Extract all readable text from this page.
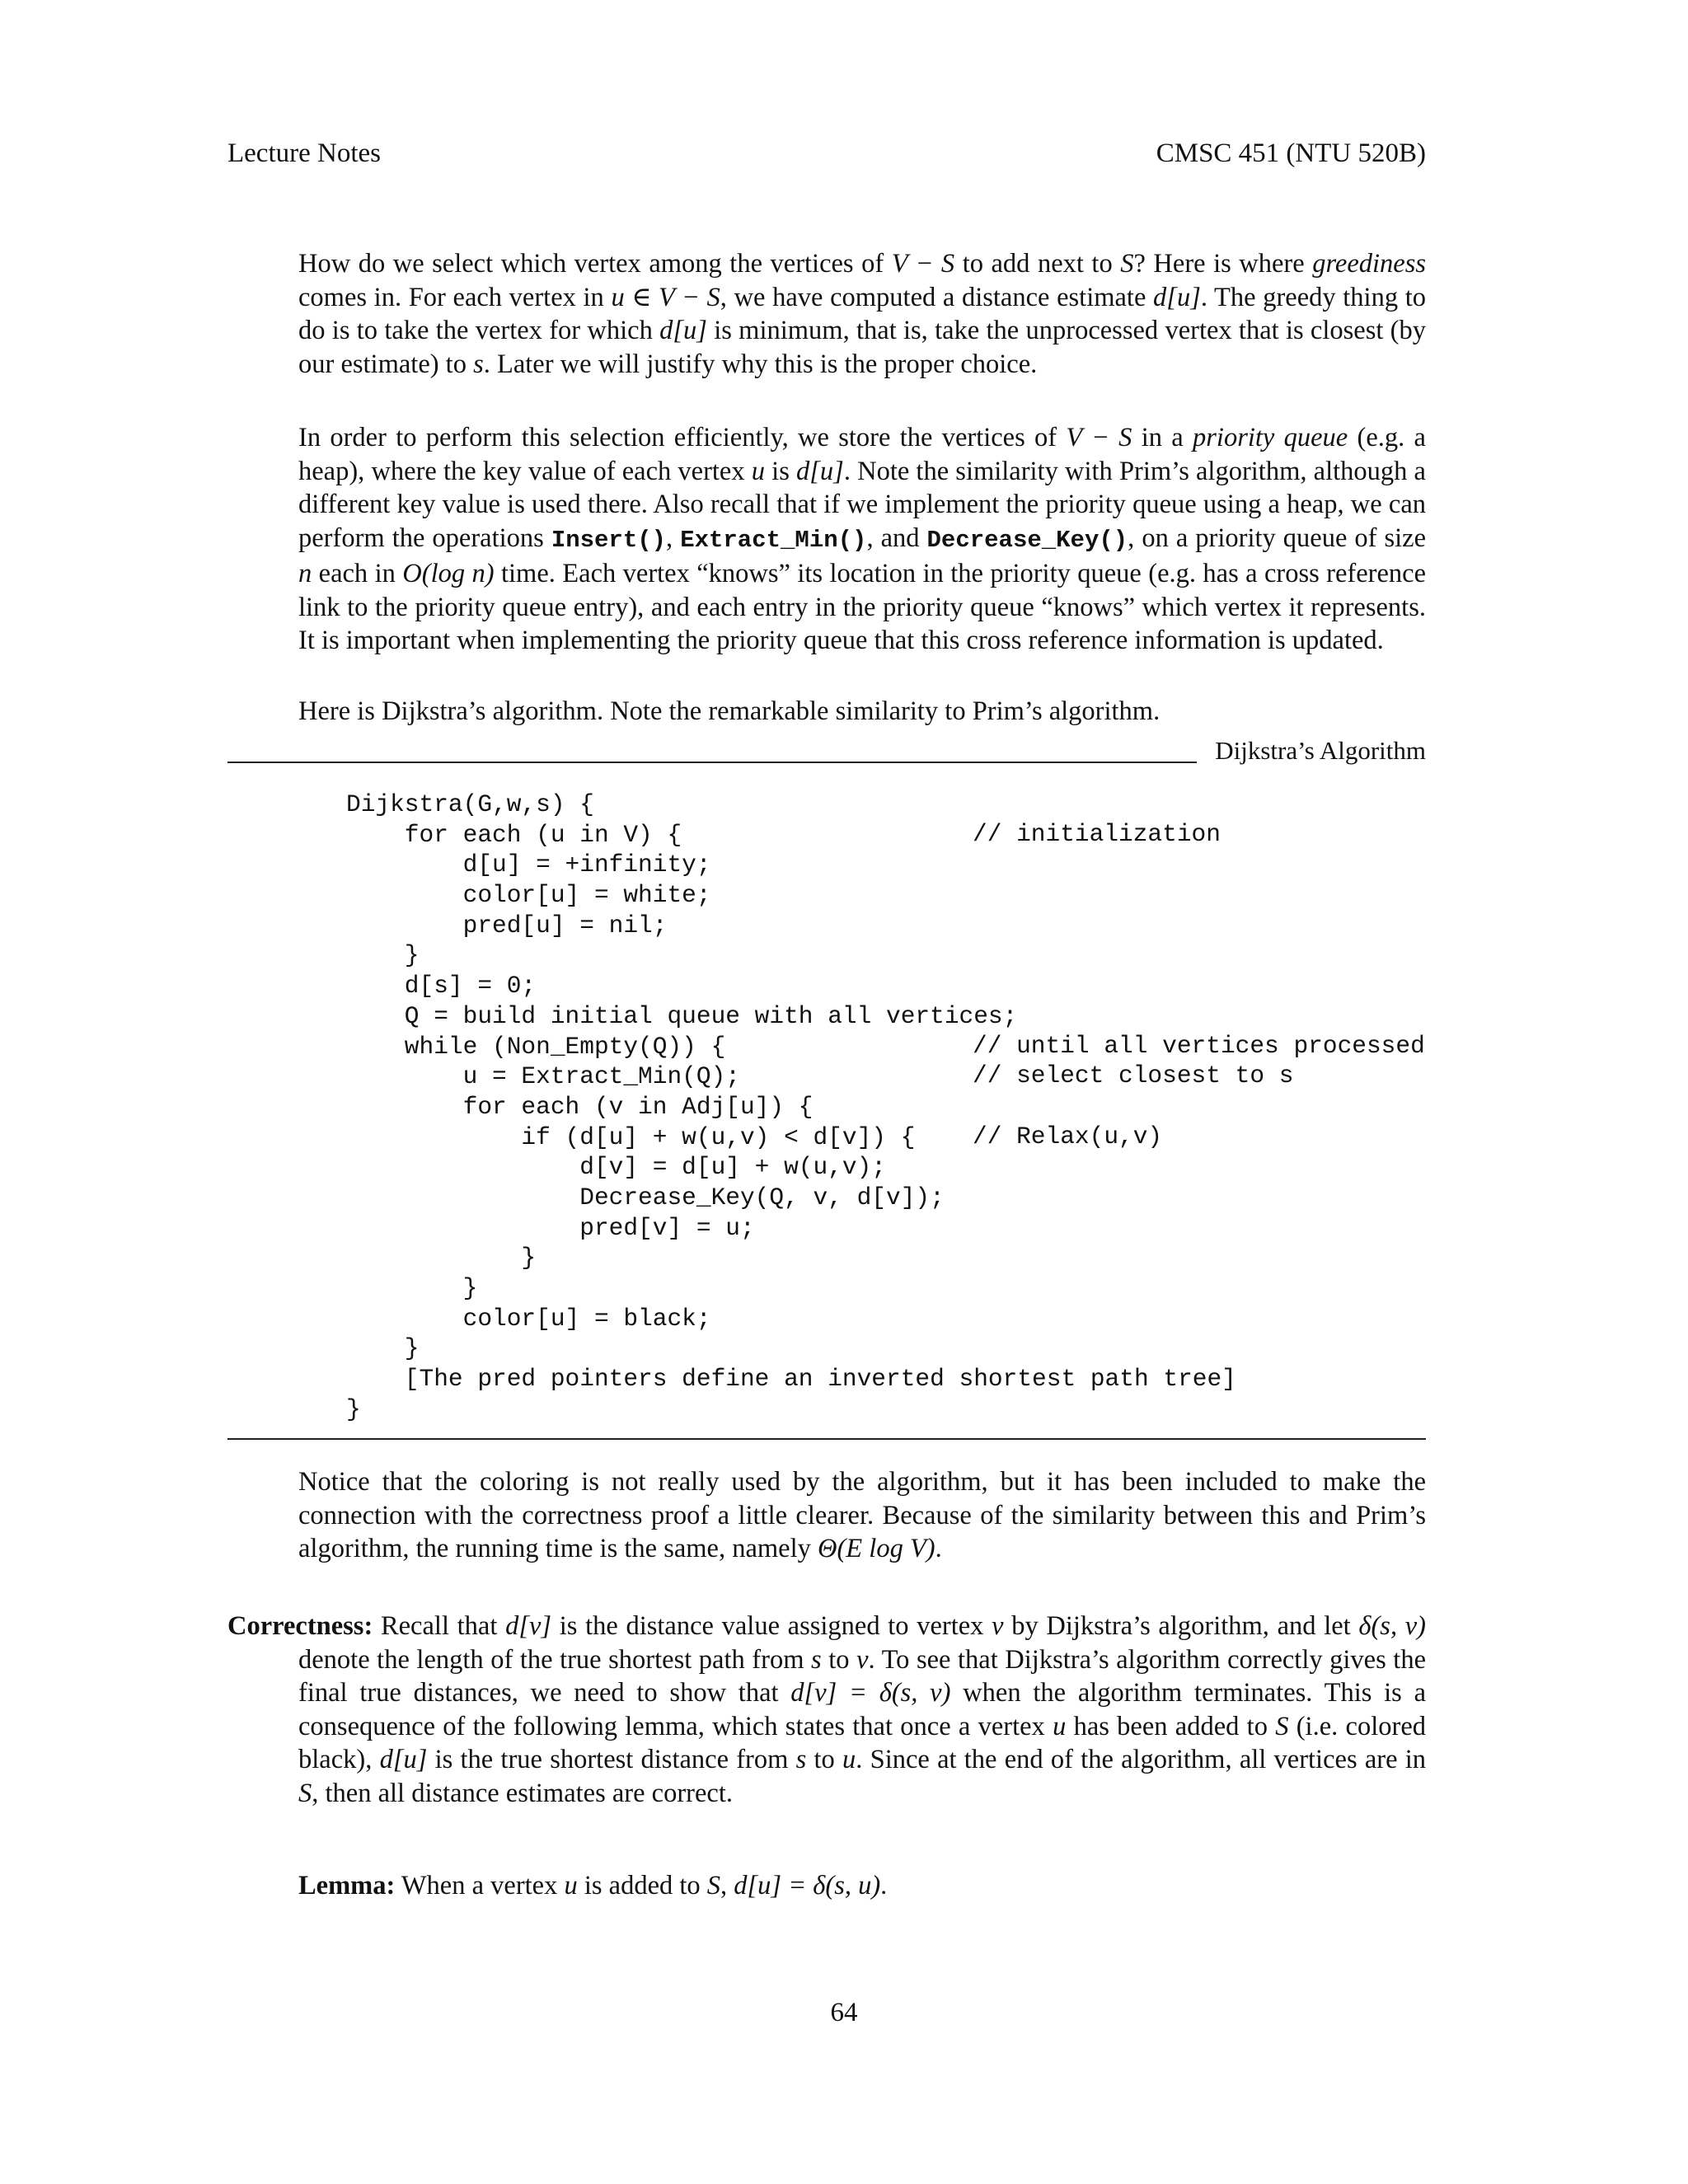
Lecture Notes	CMSC 451 (NTU 520B)

How do we select which vertex among the vertices of V − S to add next to S? Here is where greediness comes in. For each vertex in u ∈ V − S, we have computed a distance estimate d[u]. The greedy thing to do is to take the vertex for which d[u] is minimum, that is, take the unprocessed vertex that is closest (by our estimate) to s. Later we will justify why this is the proper choice.

In order to perform this selection efficiently, we store the vertices of V − S in a priority queue (e.g. a heap), where the key value of each vertex u is d[u]. Note the similarity with Prim’s algorithm, although a different key value is used there. Also recall that if we implement the priority queue using a heap, we can perform the operations Insert(), Extract_Min(), and Decrease_Key(), on a priority queue of size n each in O(log n) time. Each vertex “knows” its location in the priority queue (e.g. has a cross reference link to the priority queue entry), and each entry in the priority queue “knows” which vertex it represents. It is important when implementing the priority queue that this cross reference information is updated.

Here is Dijkstra’s algorithm. Note the remarkable similarity to Prim’s algorithm.

Dijkstra’s Algorithm
Dijkstra(G,w,s) {
for each (u in V) {
d[u] = +infinity;
color[u] = white;
pred[u] = nil;
}
d[s] = 0;
Q = build initial queue with all vertices;
while (Non_Empty(Q)) {
u = Extract_Min(Q);
for each (v in Adj[u]) {
if (d[u] + w(u,v) < d[v]) {
d[v] = d[u] + w(u,v);
Decrease_Key(Q, v, d[v]);
pred[v] = u;
}
}
color[u] = black;
}
[The pred pointers define an inverted shortest path tree]
}
// initialization
// until all vertices processed
// select closest to s
// Relax(u,v)

Notice that the coloring is not really used by the algorithm, but it has been included to make the connection with the correctness proof a little clearer. Because of the similarity between this and Prim’s algorithm, the running time is the same, namely Θ(E log V).

Correctness: Recall that d[v] is the distance value assigned to vertex v by Dijkstra’s algorithm, and let δ(s, v) denote the length of the true shortest path from s to v. To see that Dijkstra’s algorithm correctly gives the final true distances, we need to show that d[v] = δ(s, v) when the algorithm terminates. This is a consequence of the following lemma, which states that once a vertex u has been added to S (i.e. colored black), d[u] is the true shortest distance from s to u. Since at the end of the algorithm, all vertices are in S, then all distance estimates are correct.

Lemma: When a vertex u is added to S, d[u] = δ(s, u).

64
